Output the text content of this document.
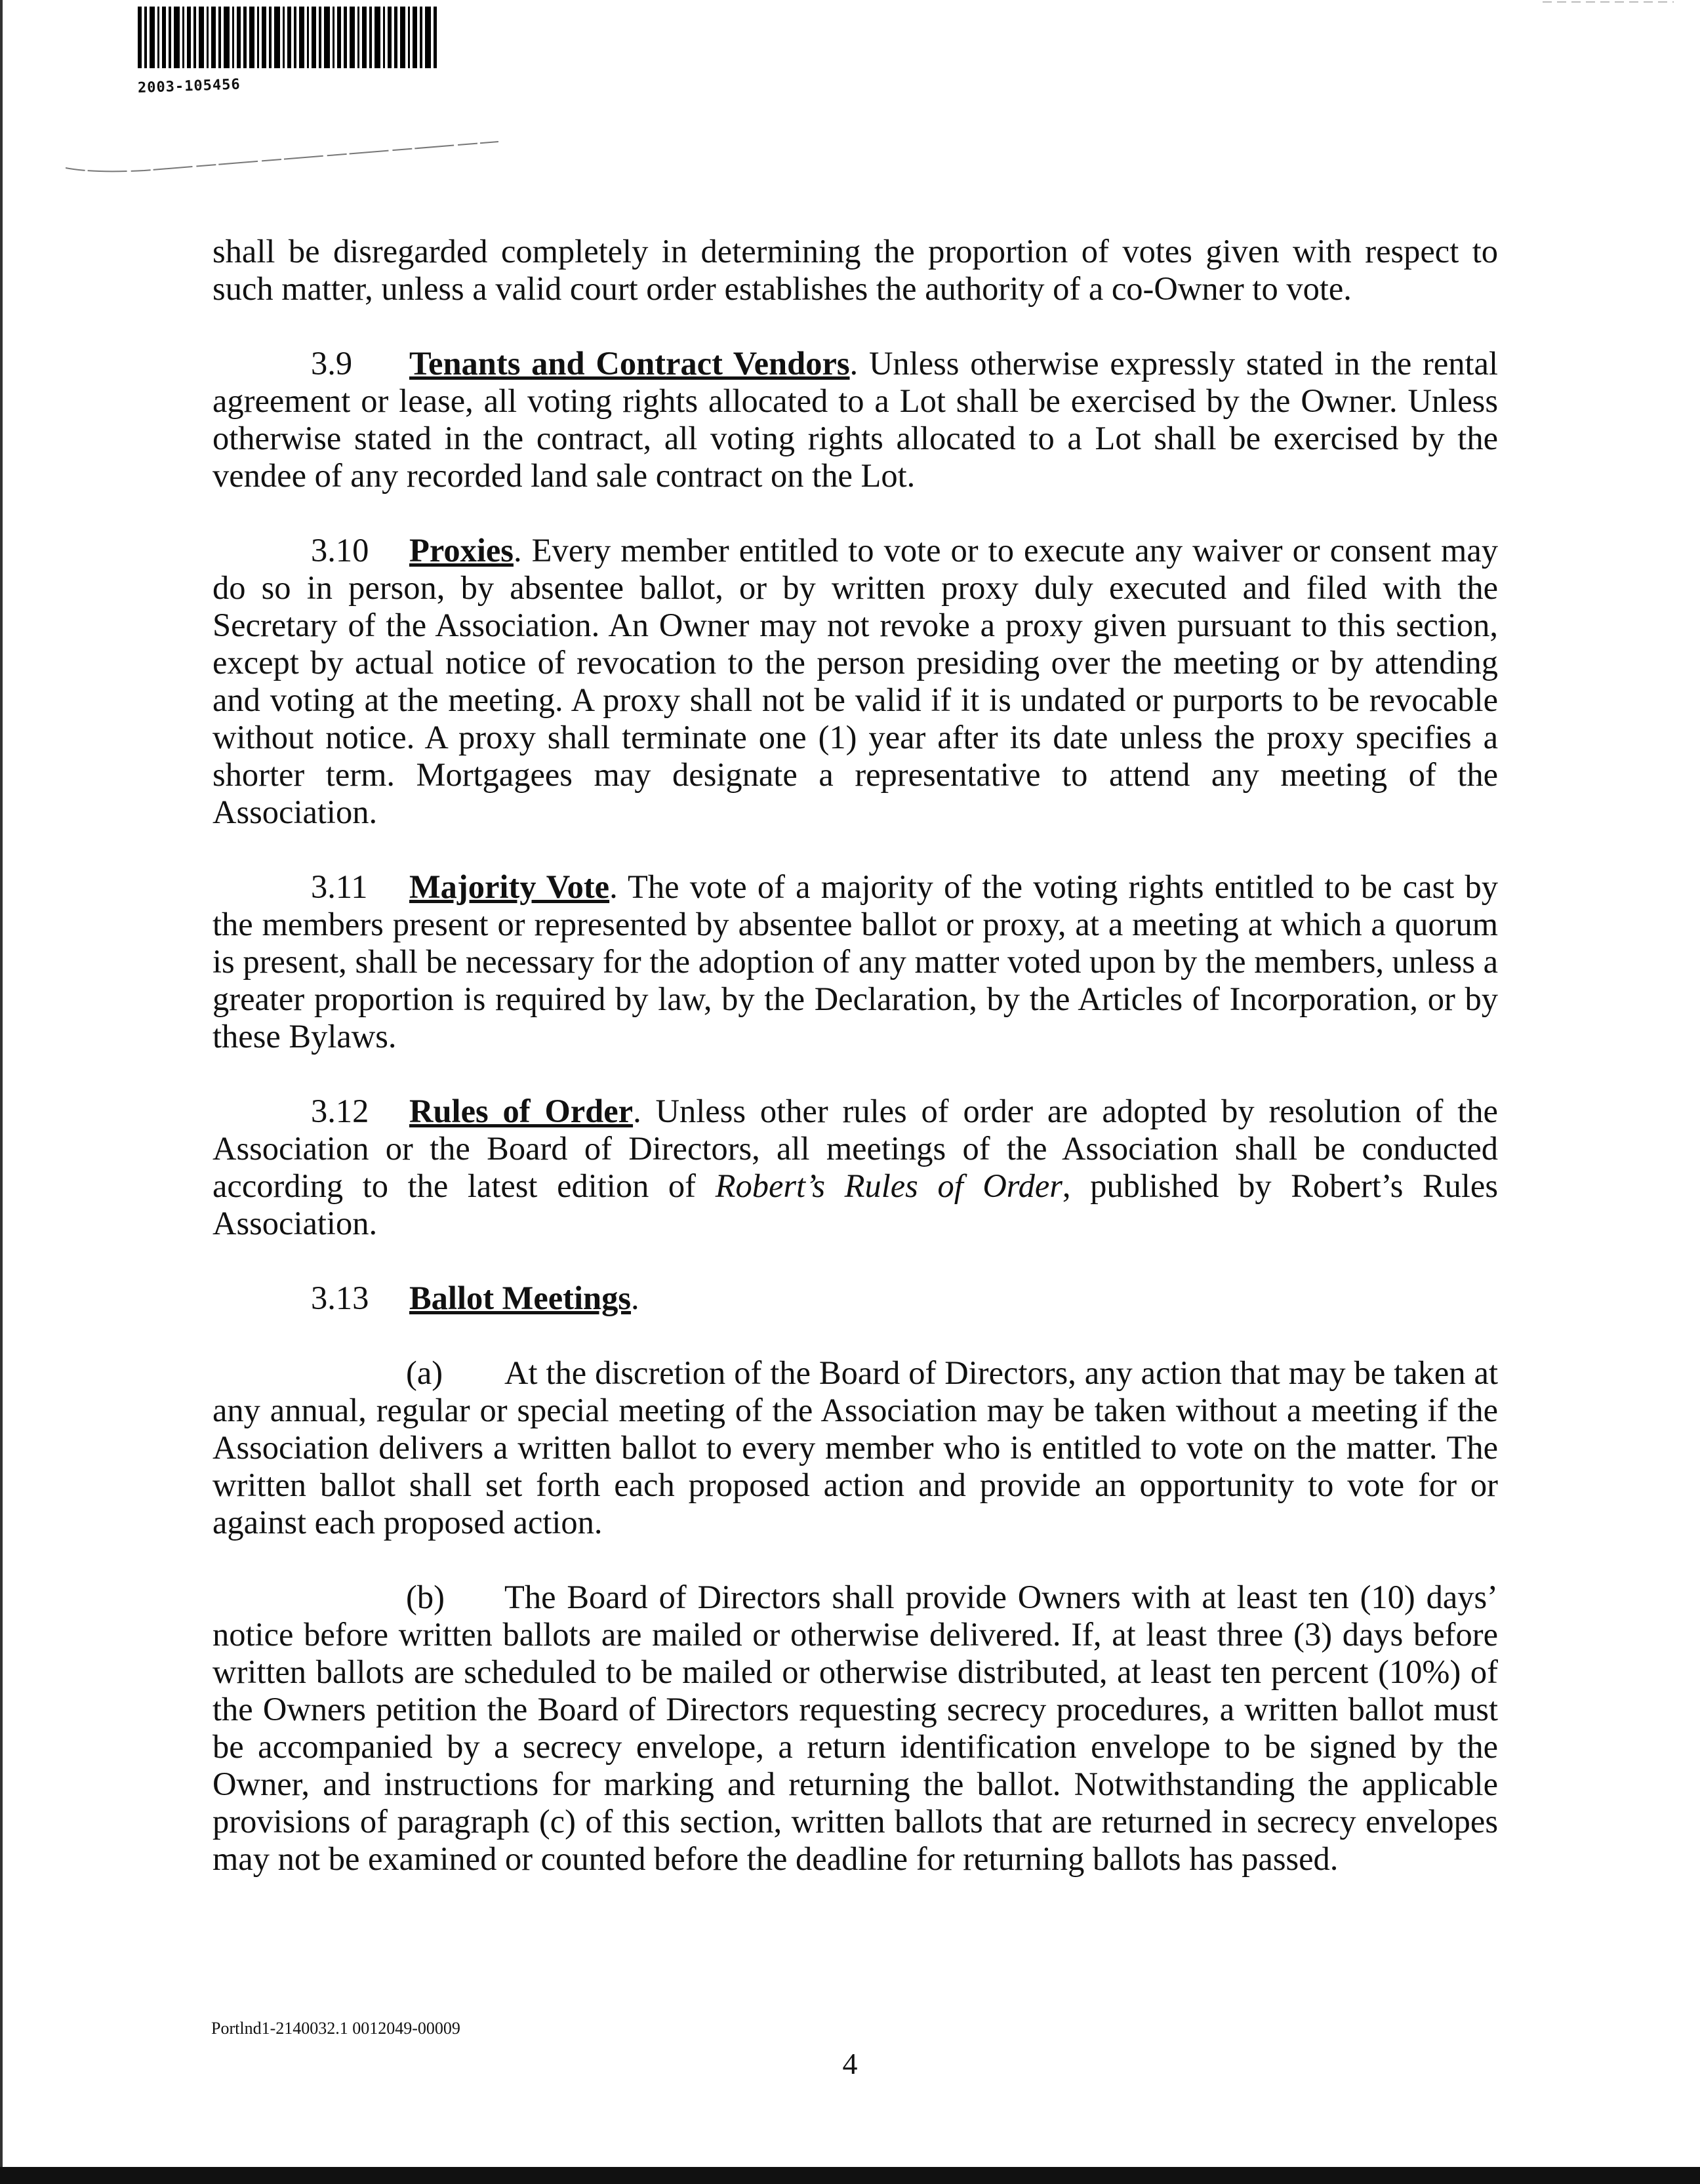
2003-105456

shall be disregarded completely in determining the proportion of votes given with respect to such matter, unless a valid court order establishes the authority of a co-Owner to vote.

3.9 Tenants and Contract Vendors. Unless otherwise expressly stated in the rental agreement or lease, all voting rights allocated to a Lot shall be exercised by the Owner. Unless otherwise stated in the contract, all voting rights allocated to a Lot shall be exercised by the vendee of any recorded land sale contract on the Lot.

3.10 Proxies. Every member entitled to vote or to execute any waiver or consent may do so in person, by absentee ballot, or by written proxy duly executed and filed with the Secretary of the Association. An Owner may not revoke a proxy given pursuant to this section, except by actual notice of revocation to the person presiding over the meeting or by attending and voting at the meeting. A proxy shall not be valid if it is undated or purports to be revocable without notice. A proxy shall terminate one (1) year after its date unless the proxy specifies a shorter term. Mortgagees may designate a representative to attend any meeting of the Association.

3.11 Majority Vote. The vote of a majority of the voting rights entitled to be cast by the members present or represented by absentee ballot or proxy, at a meeting at which a quorum is present, shall be necessary for the adoption of any matter voted upon by the members, unless a greater proportion is required by law, by the Declaration, by the Articles of Incorporation, or by these Bylaws.

3.12 Rules of Order. Unless other rules of order are adopted by resolution of the Association or the Board of Directors, all meetings of the Association shall be conducted according to the latest edition of Robert’s Rules of Order, published by Robert’s Rules Association.

3.13 Ballot Meetings.

(a) At the discretion of the Board of Directors, any action that may be taken at any annual, regular or special meeting of the Association may be taken without a meeting if the Association delivers a written ballot to every member who is entitled to vote on the matter. The written ballot shall set forth each proposed action and provide an opportunity to vote for or against each proposed action.

(b) The Board of Directors shall provide Owners with at least ten (10) days’ notice before written ballots are mailed or otherwise delivered. If, at least three (3) days before written ballots are scheduled to be mailed or otherwise distributed, at least ten percent (10%) of the Owners petition the Board of Directors requesting secrecy procedures, a written ballot must be accompanied by a secrecy envelope, a return identification envelope to be signed by the Owner, and instructions for marking and returning the ballot. Notwithstanding the applicable provisions of paragraph (c) of this section, written ballots that are returned in secrecy envelopes may not be examined or counted before the deadline for returning ballots has passed.

Portlnd1-2140032.1 0012049-00009
4
